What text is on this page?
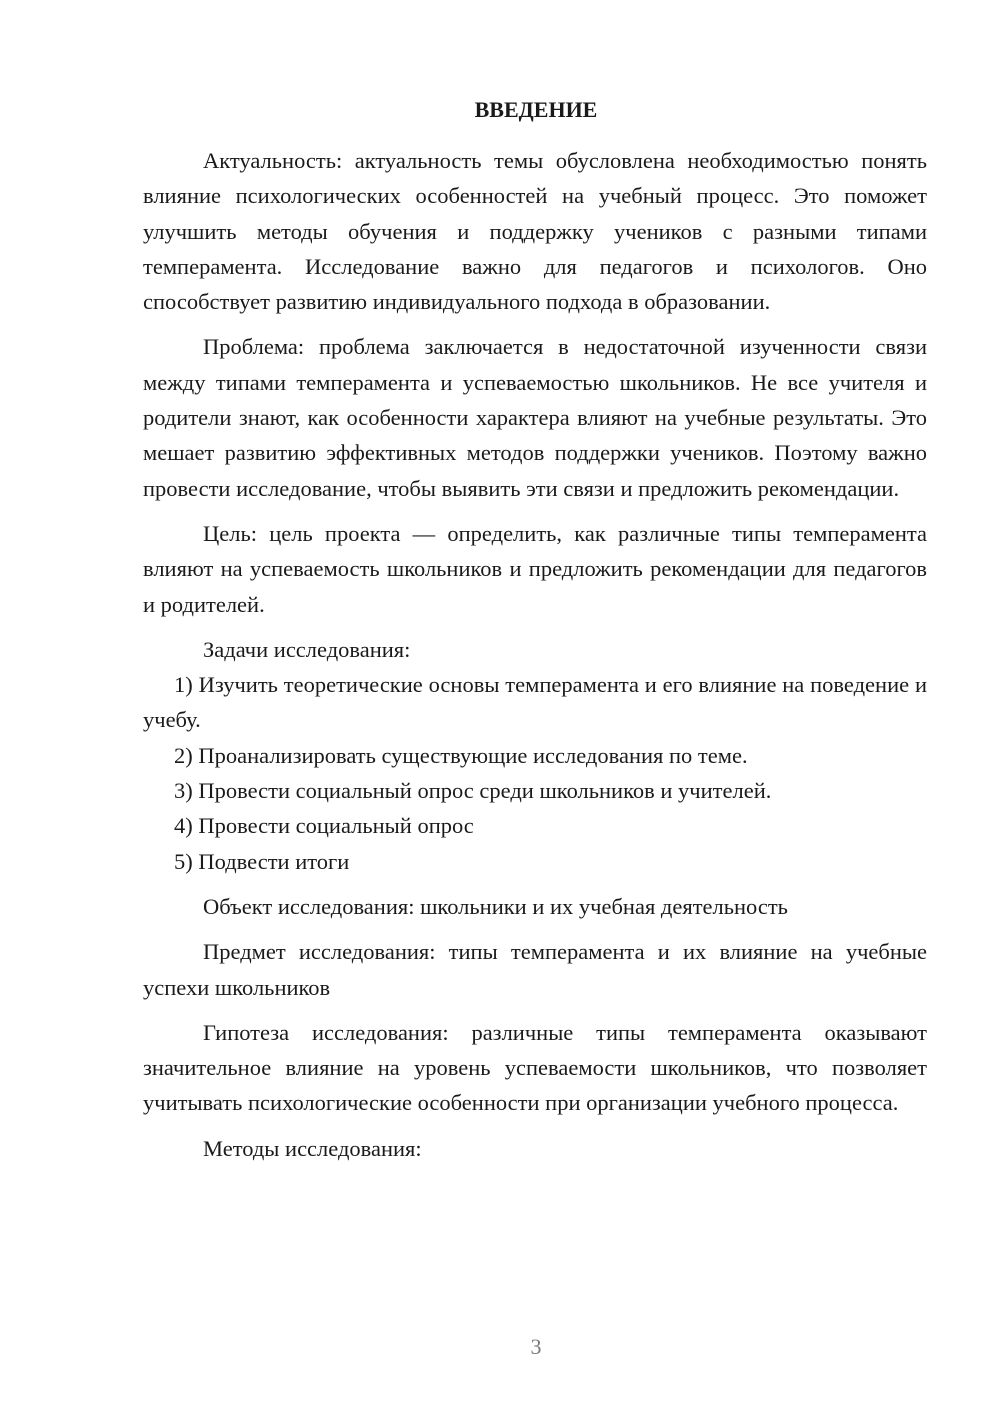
ВВЕДЕНИЕ

Актуальность: актуальность темы обусловлена необходимостью понять влияние психологических особенностей на учебный процесс. Это поможет улучшить методы обучения и поддержку учеников с разными типами темперамента. Исследование важно для педагогов и психологов. Оно способствует развитию индивидуального подхода в образовании.

Проблема: проблема заключается в недостаточной изученности связи между типами темперамента и успеваемостью школьников. Не все учителя и родители знают, как особенности характера влияют на учебные результаты. Это мешает развитию эффективных методов поддержки учеников. Поэтому важно провести исследование, чтобы выявить эти связи и предложить рекомендации.

Цель: цель проекта — определить, как различные типы темперамента влияют на успеваемость школьников и предложить рекомендации для педагогов и родителей.

Задачи исследования:

1) Изучить теоретические основы темперамента и его влияние на поведение и учебу.

2) Проанализировать существующие исследования по теме.

3) Провести социальный опрос среди школьников и учителей.

4) Провести социальный опрос

5) Подвести итоги

Объект исследования: школьники и их учебная деятельность

Предмет исследования: типы темперамента и их влияние на учебные успехи школьников

Гипотеза исследования: различные типы темперамента оказывают значительное влияние на уровень успеваемости школьников, что позволяет учитывать психологические особенности при организации учебного процесса.

Методы исследования:

3
